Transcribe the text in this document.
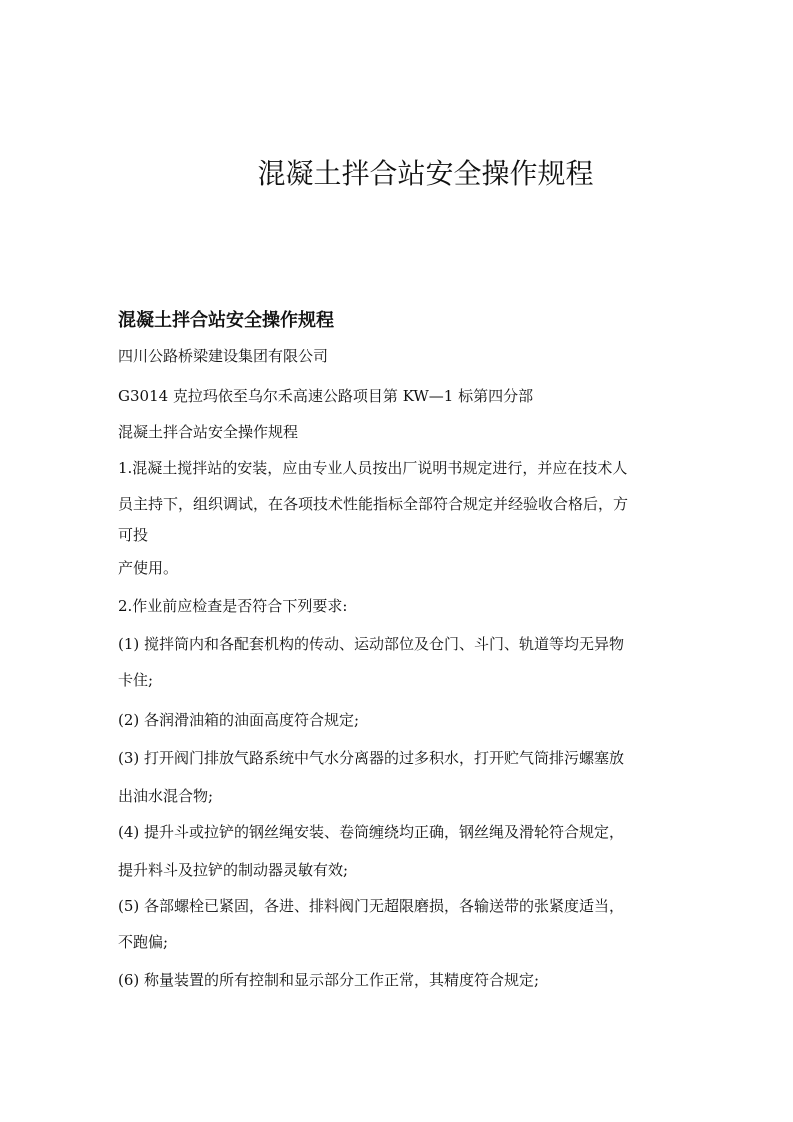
混凝土拌合站安全操作规程
混凝土拌合站安全操作规程
四川公路桥梁建设集团有限公司
G3014 克拉玛依至乌尔禾高速公路项目第 KW—1 标第四分部
混凝土拌合站安全操作规程
1.混凝土搅拌站的安装，应由专业人员按出厂说明书规定进行，并应在技术人
员主持下，组织调试，在各项技术性能指标全部符合规定并经验收合格后，方
可投
产使用。
2.作业前应检查是否符合下列要求:
(1) 搅拌筒内和各配套机构的传动、运动部位及仓门、斗门、轨道等均无异物
卡住;
(2) 各润滑油箱的油面高度符合规定;
(3) 打开阀门排放气路系统中气水分离器的过多积水，打开贮气筒排污螺塞放
出油水混合物;
(4) 提升斗或拉铲的钢丝绳安装、卷筒缠绕均正确，钢丝绳及滑轮符合规定，
提升料斗及拉铲的制动器灵敏有效;
(5) 各部螺栓已紧固，各进、排料阀门无超限磨损，各输送带的张紧度适当，
不跑偏;
(6) 称量装置的所有控制和显示部分工作正常，其精度符合规定;
